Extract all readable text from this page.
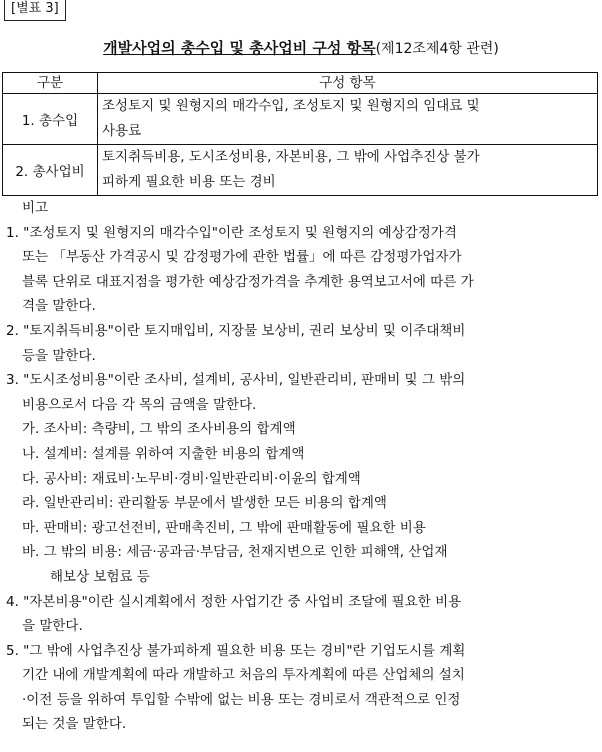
[별표 3]
개발사업의 총수입 및 총사업비 구성 항목(제12조제4항 관련)
구분	구성 항목
1. 총수입	조성토지 및 원형지의 매각수입, 조성토지 및 원형지의 임대료 및
사용료

2. 총사업비	토지취득비용, 도시조성비용, 자본비용, 그 밖에 사업추진상 불가
피하게 필요한 비용 또는 경비
비고
1. "조성토지 및 원형지의 매각수입"이란 조성토지 및 원형지의 예상감정가격
또는 「부동산 가격공시 및 감정평가에 관한 법률」에 따른 감정평가업자가
블록 단위로 대표지점을 평가한 예상감정가격을 추계한 용역보고서에 따른 가
격을 말한다.
2. "토지취득비용"이란 토지매입비, 지장물 보상비, 권리 보상비 및 이주대책비
등을 말한다.
3. "도시조성비용"이란 조사비, 설계비, 공사비, 일반관리비, 판매비 및 그 밖의
비용으로서 다음 각 목의 금액을 말한다.
가. 조사비: 측량비, 그 밖의 조사비용의 합계액
나. 설계비: 설계를 위하여 지출한 비용의 합계액
다. 공사비: 재료비·노무비·경비·일반관리비·이윤의 합계액
라. 일반관리비: 관리활동 부문에서 발생한 모든 비용의 합계액
마. 판매비: 광고선전비, 판매촉진비, 그 밖에 판매활동에 필요한 비용
바. 그 밖의 비용: 세금·공과금·부담금, 천재지변으로 인한 피해액, 산업재
해보상 보험료 등
4. "자본비용"이란 실시계획에서 정한 사업기간 중 사업비 조달에 필요한 비용
을 말한다.
5. "그 밖에 사업추진상 불가피하게 필요한 비용 또는 경비"란 기업도시를 계획
기간 내에 개발계획에 따라 개발하고 처음의 투자계획에 따른 산업체의 설치
·이전 등을 위하여 투입할 수밖에 없는 비용 또는 경비로서 객관적으로 인정
되는 것을 말한다.
